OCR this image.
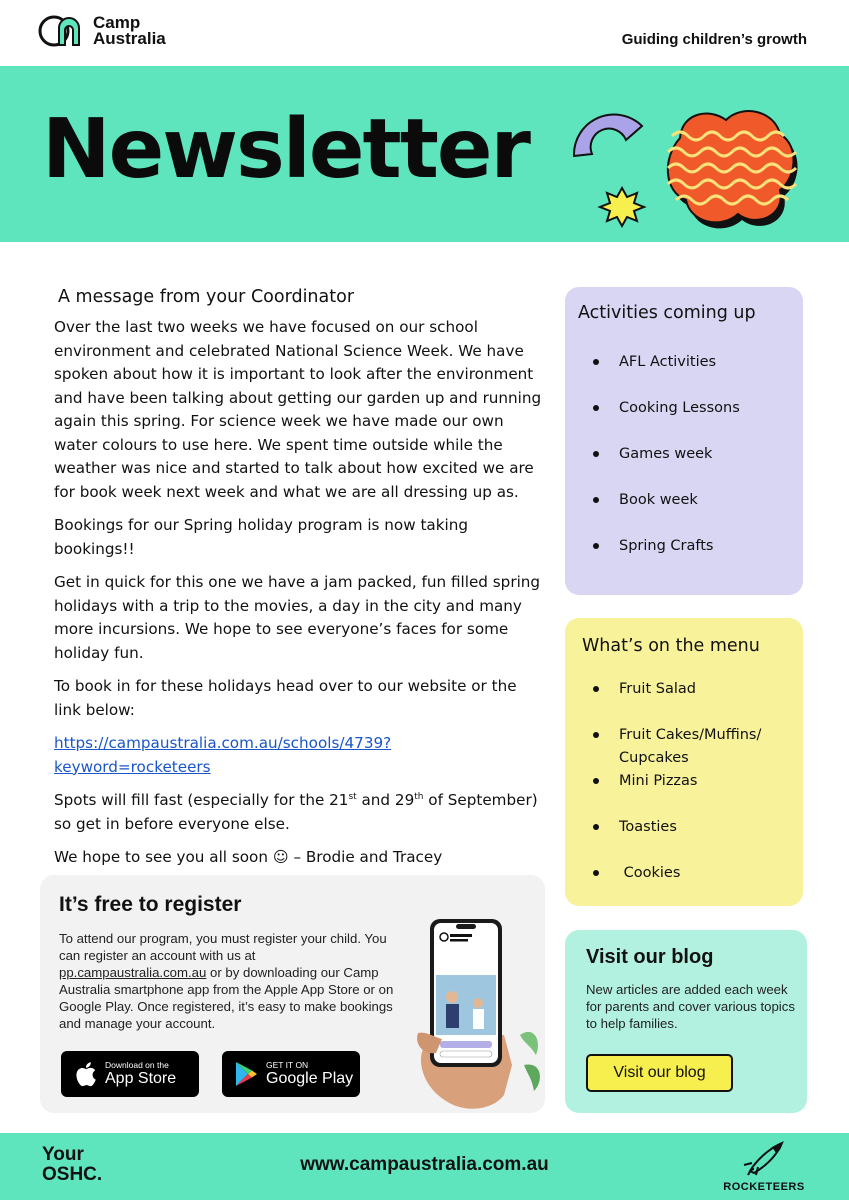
Camp
Australia	Guiding children’s growth
Newsletter
A message from your Coordinator

Over the last two weeks we have focused on our school environment and celebrated National Science Week. We have spoken about how it is important to look after the environment and have been talking about getting our garden up and running again this spring. For science week we have made our own water colours to use here. We spent time outside while the weather was nice and started to talk about how excited we are for book week next week and what we are all dressing up as.

Bookings for our Spring holiday program is now taking bookings!!

Get in quick for this one we have a jam packed, fun filled spring holidays with a trip to the movies, a day in the city and many more incursions. We hope to see everyone’s faces for some holiday fun.

To book in for these holidays head over to our website or the link below:

https://campaustralia.com.au/schools/4739?keyword=rocketeers

Spots will fill fast (especially for the 21st and 29th of September) so get in before everyone else.

We hope to see you all soon ☺ – Brodie and Tracey

Activities coming up
AFL Activities
Cooking Lessons
Games week
Book week
Spring Crafts
What’s on the menu
Fruit Salad
Fruit Cakes/Muffins/ Cupcakes
Mini Pizzas
Toasties
Cookies
It’s free to register
To attend our program, you must register your child. You can register an account with us at pp.campaustralia.com.au or by downloading our Camp Australia smartphone app from the Apple App Store or on Google Play. Once registered, it’s easy to make bookings and manage your account.
Download on the
App Store
GET IT ON
Google Play
Visit our blog
New articles are added each week for parents and cover various topics to help families.
Visit our blog
Your
OSHC.	www.campaustralia.com.au
ROCKETEERS
